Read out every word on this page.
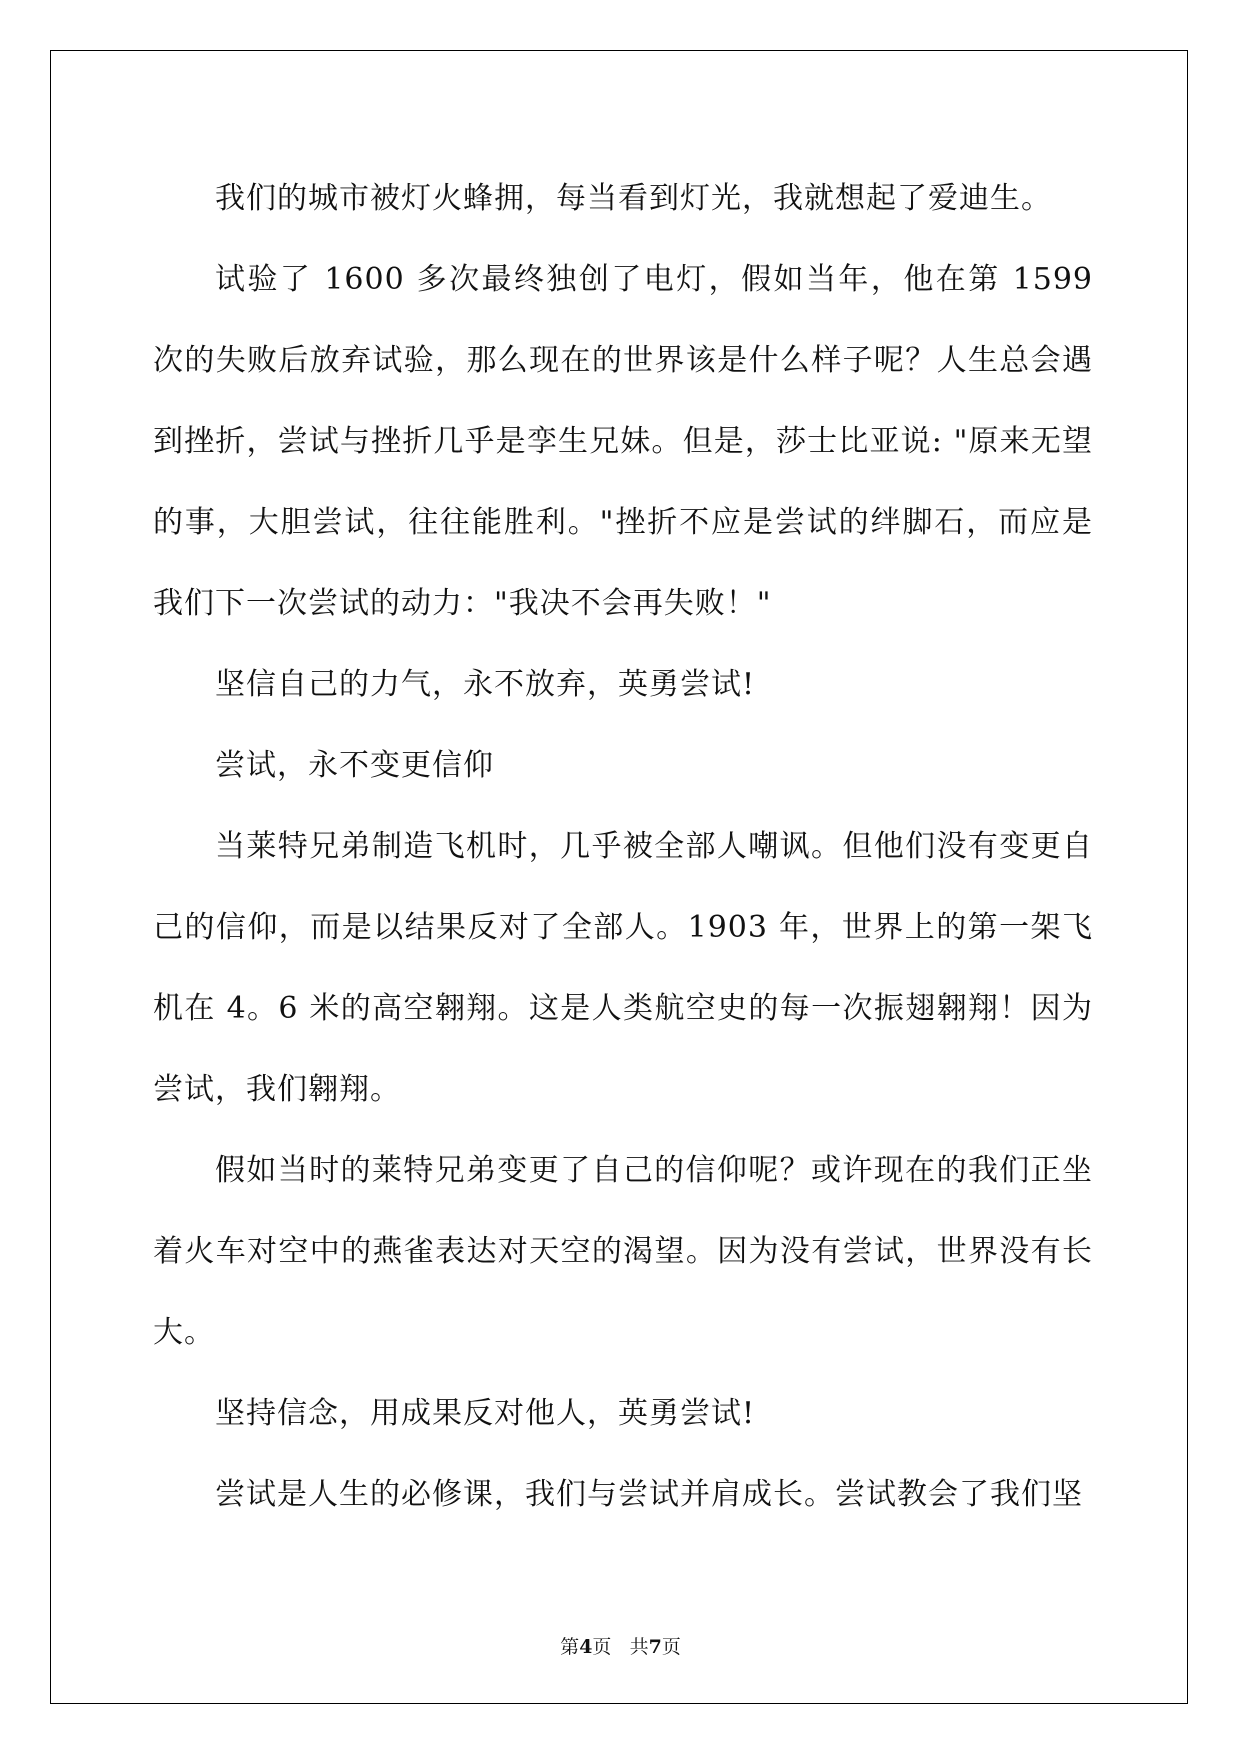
我们的城市被灯火蜂拥，每当看到灯光，我就想起了爱迪生。

试验了 1600 多次最终独创了电灯，假如当年，他在第 1599 次的失败后放弃试验，那么现在的世界该是什么样子呢？人生总会遇到挫折，尝试与挫折几乎是孪生兄妹。但是，莎士比亚说: "原来无望的事，大胆尝试，往往能胜利。"挫折不应是尝试的绊脚石，而应是我们下一次尝试的动力："我决不会再失败！"

坚信自己的力气，永不放弃，英勇尝试!

尝试，永不变更信仰

当莱特兄弟制造飞机时，几乎被全部人嘲讽。但他们没有变更自己的信仰，而是以结果反对了全部人。1903 年，世界上的第一架飞机在 4。6 米的高空翱翔。这是人类航空史的每一次振翅翱翔！因为尝试，我们翱翔。

假如当时的莱特兄弟变更了自己的信仰呢？或许现在的我们正坐着火车对空中的燕雀表达对天空的渴望。因为没有尝试，世界没有长大。

坚持信念，用成果反对他人，英勇尝试!

尝试是人生的必修课，我们与尝试并肩成长。尝试教会了我们坚

第4页 共7页
